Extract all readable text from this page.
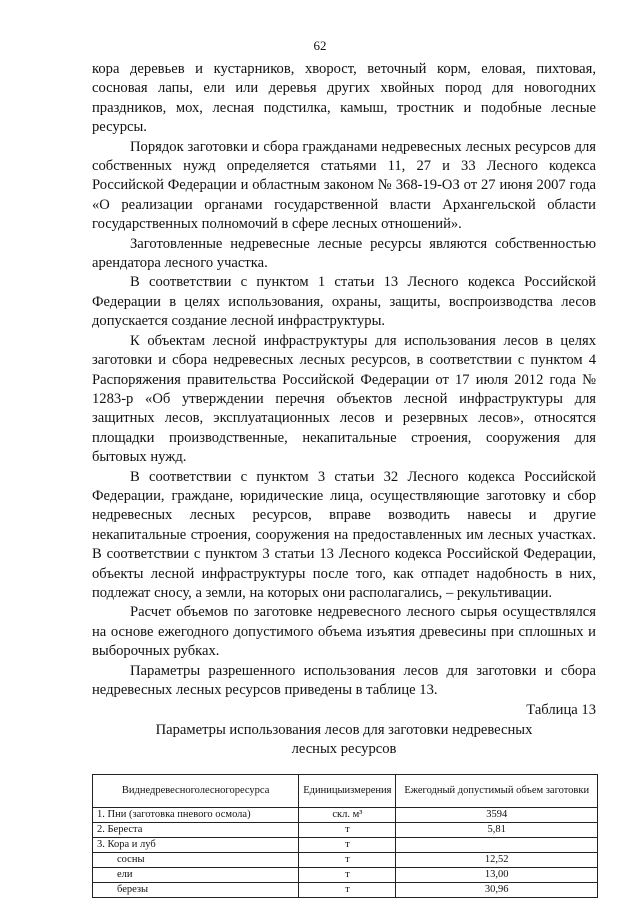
62

кора деревьев и кустарников, хворост, веточный корм, еловая, пихтовая, сосновая лапы, ели или деревья других хвойных пород для новогодних праздников, мох, лесная подстилка, камыш, тростник и подобные лесные ресурсы.

Порядок заготовки и сбора гражданами недревесных лесных ресурсов для собственных нужд определяется статьями 11, 27 и 33 Лесного кодекса Российской Федерации и областным законом № 368-19-ОЗ от 27 июня 2007 года «О реализации органами государственной власти Архангельской области государственных полномочий в сфере лесных отношений».

Заготовленные недревесные лесные ресурсы являются собственностью арендатора лесного участка.

В соответствии с пунктом 1 статьи 13 Лесного кодекса Российской Федерации в целях использования, охраны, защиты, воспроизводства лесов допускается создание лесной инфраструктуры.

К объектам лесной инфраструктуры для использования лесов в целях заготовки и сбора недревесных лесных ресурсов, в соответствии с пунктом 4 Распоряжения правительства Российской Федерации от 17 июля 2012 года № 1283-р «Об утверждении перечня объектов лесной инфраструктуры для защитных лесов, эксплуатационных лесов и резервных лесов», относятся площадки производственные, некапитальные строения, сооружения для бытовых нужд.

В соответствии с пунктом 3 статьи 32 Лесного кодекса Российской Федерации, граждане, юридические лица, осуществляющие заготовку и сбор недревесных лесных ресурсов, вправе возводить навесы и другие некапитальные строения, сооружения на предоставленных им лесных участках. В соответствии с пунктом 3 статьи 13 Лесного кодекса Российской Федерации, объекты лесной инфраструктуры после того, как отпадет надобность в них, подлежат сносу, а земли, на которых они располагались, – рекультивации.

Расчет объемов по заготовке недревесного лесного сырья осуществлялся на основе ежегодного допустимого объема изъятия древесины при сплошных и выборочных рубках.

Параметры разрешенного использования лесов для заготовки и сбора недревесных лесных ресурсов приведены в таблице 13.

Таблица 13
Параметры использования лесов для заготовки недревесных лесных ресурсов
Виднедревесноголесногоресурса	Единицыизмерения	Ежегодный допустимый объем заготовки
1. Пни (заготовка пневого осмола)	скл. м³	3594
2. Береста	т	5,81
3. Кора и луб	т	
сосны	т	12,52
ели	т	13,00
березы	т	30,96
